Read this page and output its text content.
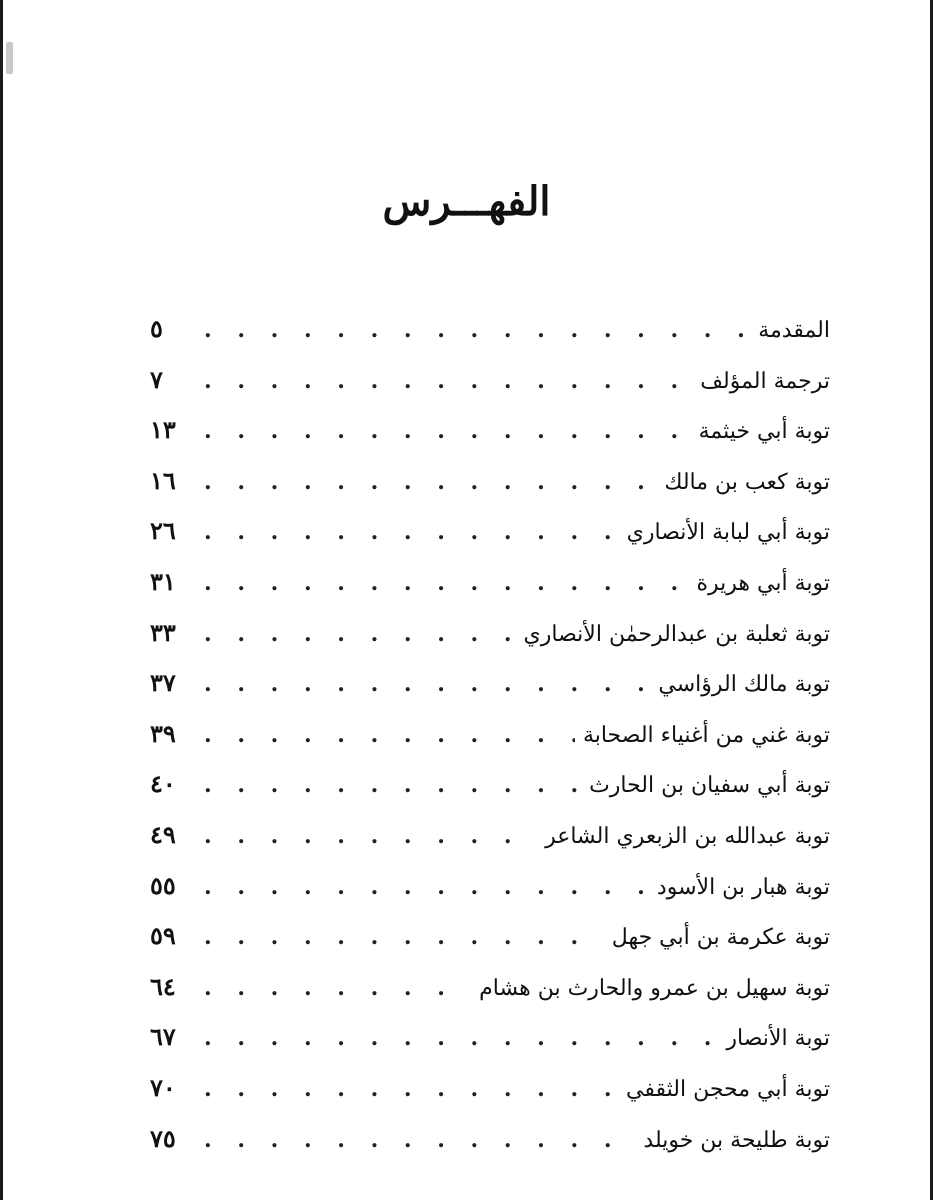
الفهـــرس
المقدمة
. . .
٥
ترجمة المؤلف
. . .
٧
توبة أبي خيثمة
. . .
١٣
توبة كعب بن مالك
. . .
١٦
توبة أبي لبابة الأنصاري
. . .
٢٦
توبة أبي هريرة
. . .
٣١
توبة ثعلبة بن عبدالرحمٰن الأنصاري
. . .
٣٣
توبة مالك الرؤاسي
. . .
٣٧
توبة غني من أغنياء الصحابة
. . .
٣٩
توبة أبي سفيان بن الحارث
. . .
٤٠
توبة عبدالله بن الزبعري الشاعر
. . .
٤٩
توبة هبار بن الأسود
. . .
٥٥
توبة عكرمة بن أبي جهل
. . .
٥٩
توبة سهيل بن عمرو والحارث بن هشام
. . .
٦٤
توبة الأنصار
. . .
٦٧
توبة أبي محجن الثقفي
. . .
٧٠
توبة طليحة بن خويلد
. . .
٧٥
